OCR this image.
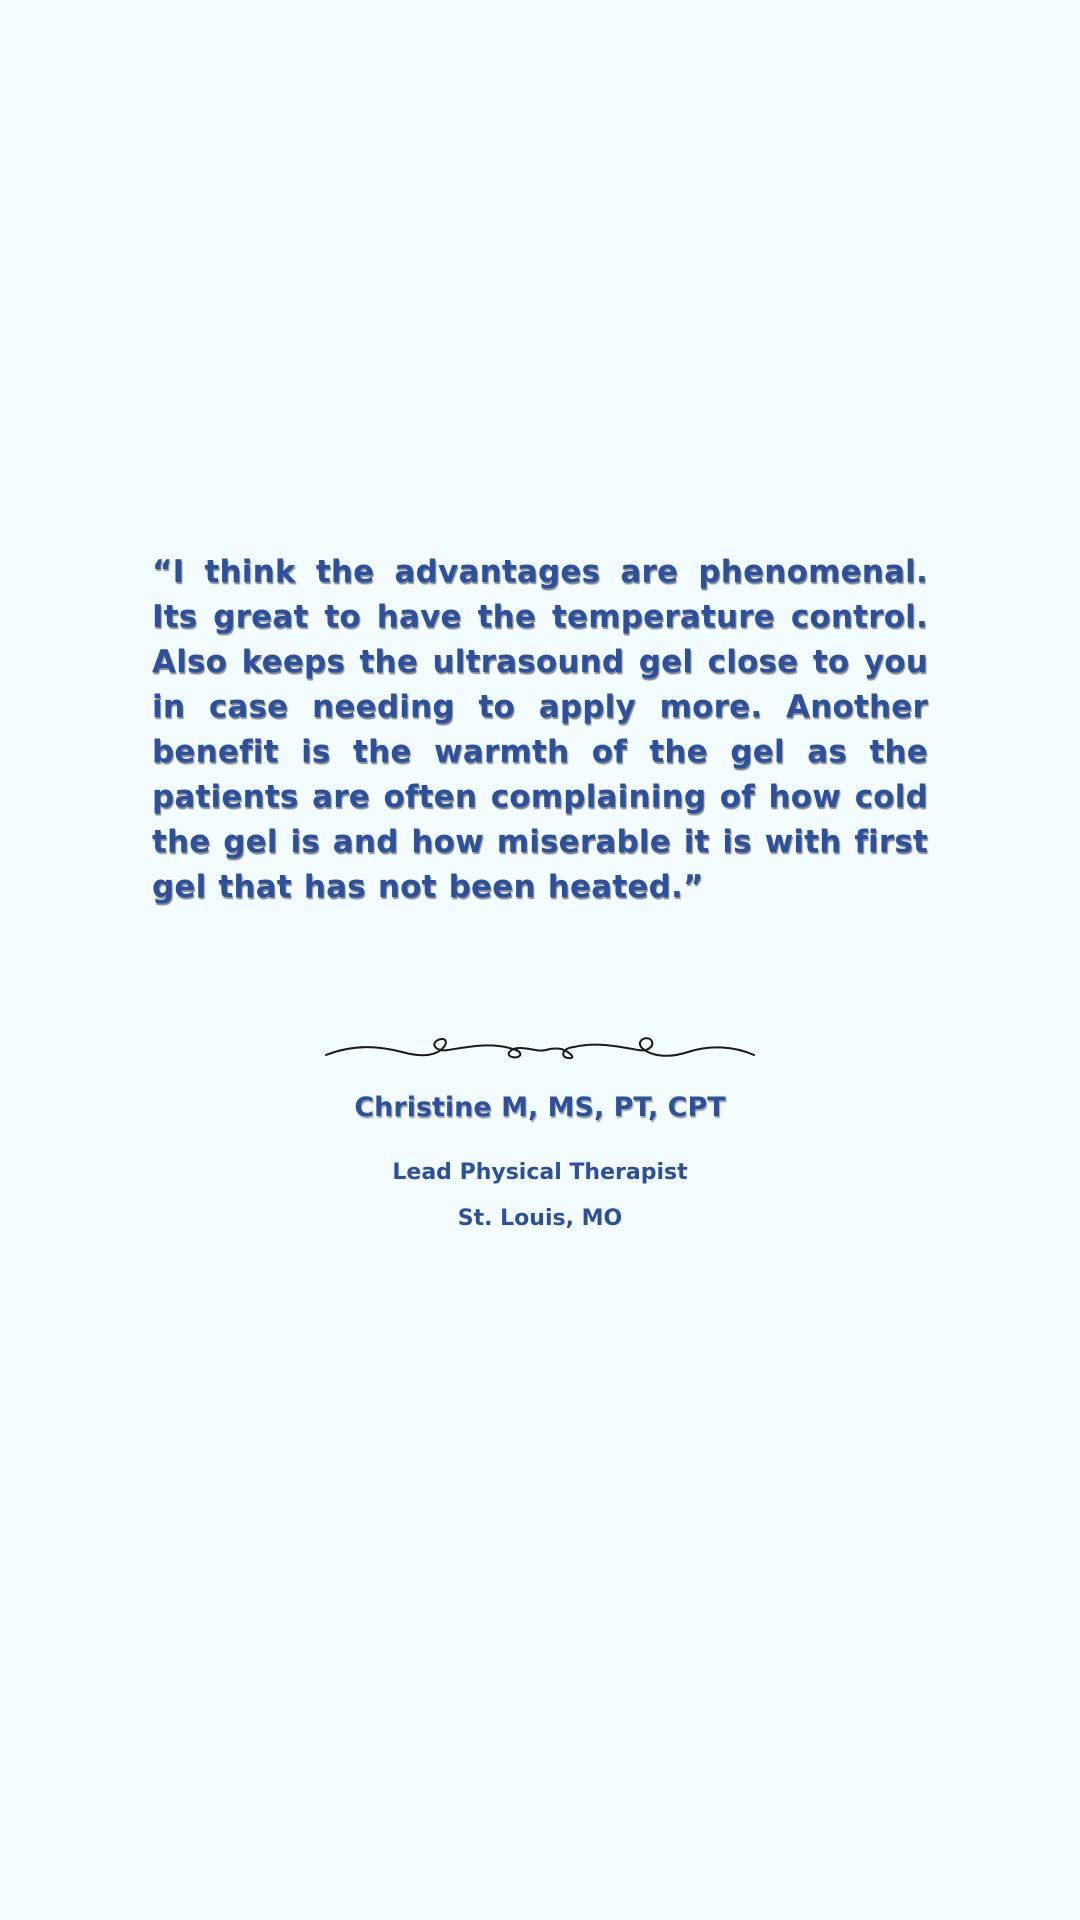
“I think the advantages are phenomenal. Its great to have the temperature control. Also keeps the ultrasound gel close to you in case needing to apply more. Another benefit is the warmth of the gel as the patients are often complaining of how cold the gel is and how miserable it is with first gel that has not been heated.”

Christine M, MS, PT, CPT
Lead Physical Therapist
St. Louis, MO
